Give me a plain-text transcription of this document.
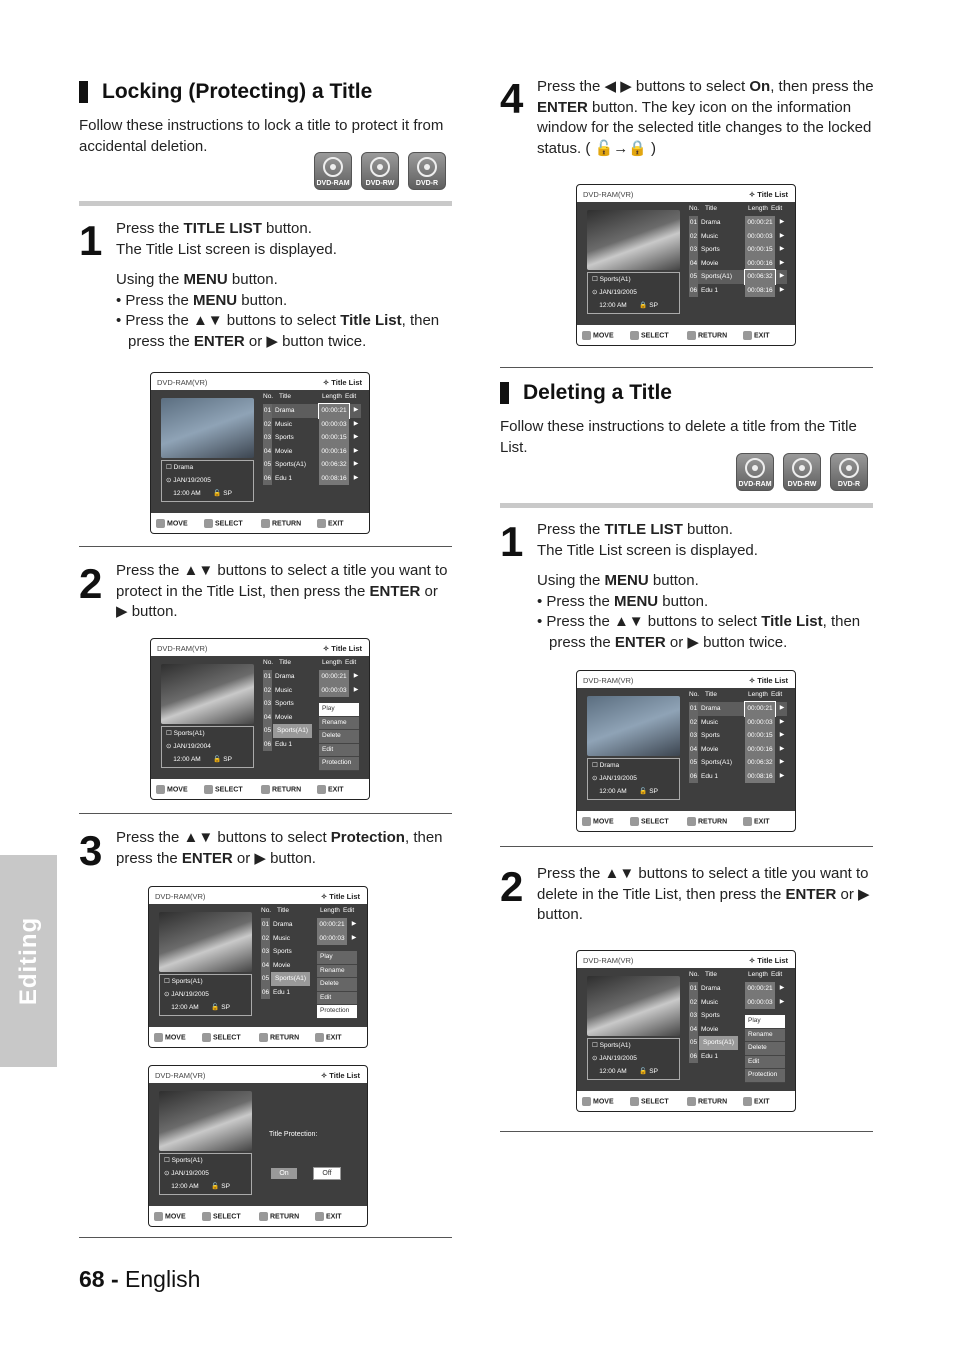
Editing
Locking (Protecting) a Title
Follow these instructions to lock a title to protect it from accidental deletion.
DVD-RAM	DVD-RW	DVD-R
1 Press the TITLE LIST button.

The Title List screen is displayed.

Using the MENU button.

• Press the MENU button.

• Press the ▲▼ buttons to select Title List, then

press the ENTER or ▶ button twice.

DVD-RAM(VR)	✧ Title List
☐ Drama
⊙ JAN/19/2005
12:00 AM       🔓 SP
No. Title	Length Edit
01 Drama	00:00:21	▶
02 Music	00:00:03	▶
03 Sports	00:00:15	▶
04 Movie	00:00:16	▶
05 Sports(A1)	00:06:32	▶
06 Edu 1	00:08:16	▶
MOVE	SELECT	RETURN	EXIT
2 Press the ▲▼ buttons to select a title you want to

protect in the Title List, then press the ENTER or

▶ button.

DVD-RAM(VR)	✧ Title List
☐ Sports(A1)
⊙ JAN/19/2004
12:00 AM       🔓 SP
No. Title	Length Edit
01 Drama	00:00:21	▶
02 Music	00:00:03	▶
03 Sports
04 Movie
05 Sports(A1)
06 Edu 1
Play
Rename
Delete
Edit
Protection
MOVE	SELECT	RETURN	EXIT
3 Press the ▲▼ buttons to select Protection, then

press the ENTER or ▶ button.

DVD-RAM(VR)	✧ Title List
☐ Sports(A1)
⊙ JAN/19/2005
12:00 AM       🔓 SP
No. Title	Length Edit
01 Drama	00:00:21	▶
02 Music	00:00:03	▶
03 Sports
04 Movie
05 Sports(A1)
06 Edu 1
Play
Rename
Delete
Edit
Protection
MOVE	SELECT	RETURN	EXIT
DVD-RAM(VR)	✧ Title List
☐ Sports(A1)
⊙ JAN/19/2005
12:00 AM       🔓 SP
Title Protection:
On	Off
MOVE	SELECT	RETURN	EXIT
4 Press the ◀ ▶ buttons to select On, then press the

ENTER button. The key icon on the information

window for the selected title changes to the locked

status. ( 🔓→🔒 )

DVD-RAM(VR)	✧ Title List
☐ Sports(A1)
⊙ JAN/19/2005
12:00 AM       🔒 SP
No. Title	Length Edit
01 Drama	00:00:21	▶
02 Music	00:00:03	▶
03 Sports	00:00:15	▶
04 Movie	00:00:16	▶
05 Sports(A1)	00:06:32	▶
06 Edu 1	00:08:16	▶
MOVE	SELECT	RETURN	EXIT
Deleting a Title
Follow these instructions to delete a title from the Title List.
DVD-RAM	DVD-RW	DVD-R
1 Press the TITLE LIST button.

The Title List screen is displayed.

Using the MENU button.

• Press the MENU button.

• Press the ▲▼ buttons to select Title List, then

press the ENTER or ▶ button twice.

DVD-RAM(VR)	✧ Title List
☐ Drama
⊙ JAN/19/2005
12:00 AM       🔓 SP
No. Title	Length Edit
01 Drama	00:00:21	▶
02 Music	00:00:03	▶
03 Sports	00:00:15	▶
04 Movie	00:00:16	▶
05 Sports(A1)	00:06:32	▶
06 Edu 1	00:08:16	▶
MOVE	SELECT	RETURN	EXIT
2 Press the ▲▼ buttons to select a title you want to

delete in the Title List, then press the ENTER or ▶

button.

DVD-RAM(VR)	✧ Title List
☐ Sports(A1)
⊙ JAN/19/2005
12:00 AM       🔓 SP
No. Title	Length Edit
01 Drama	00:00:21	▶
02 Music	00:00:03	▶
03 Sports
04 Movie
05 Sports(A1)
06 Edu 1
Play
Rename
Delete
Edit
Protection
MOVE	SELECT	RETURN	EXIT
68 - English
